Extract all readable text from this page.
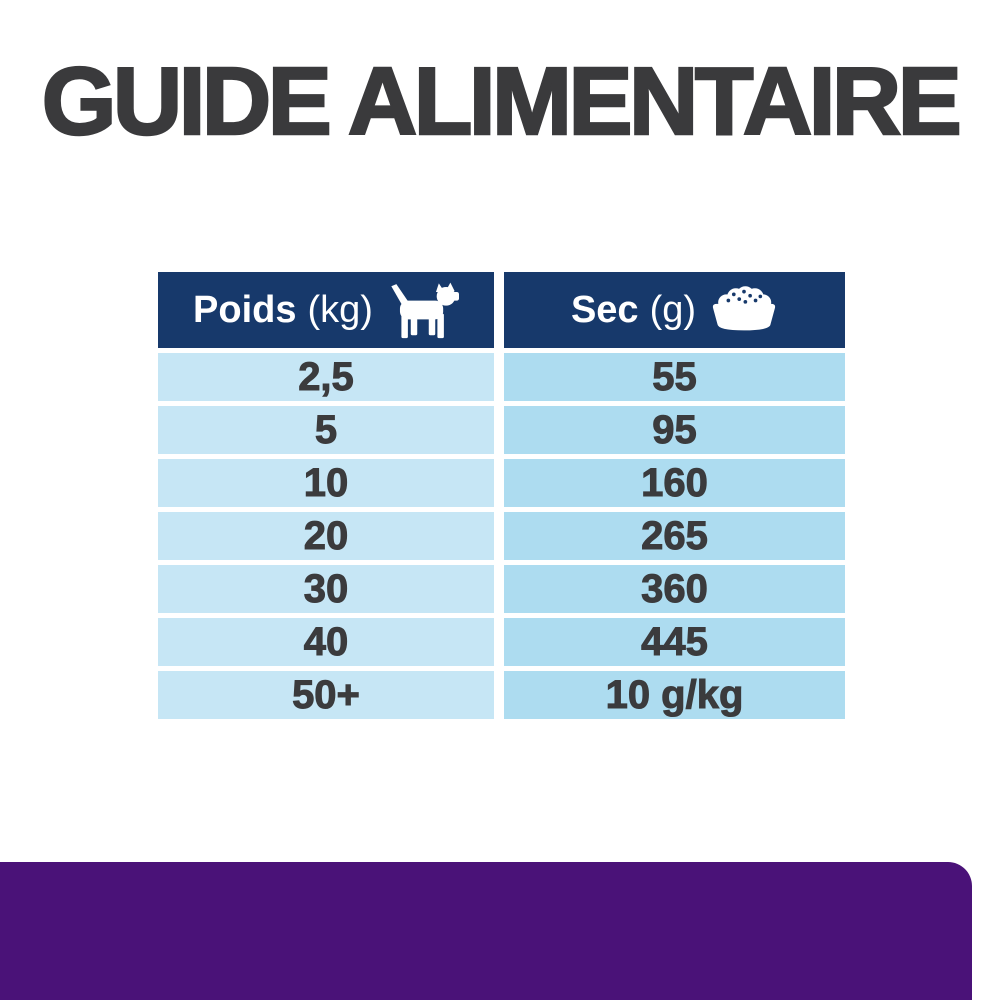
GUIDE ALIMENTAIRE
Poids (kg)	Sec (g)
2,5	55
5	95
10	160
20	265
30	360
40	445
50+	10 g/kg
